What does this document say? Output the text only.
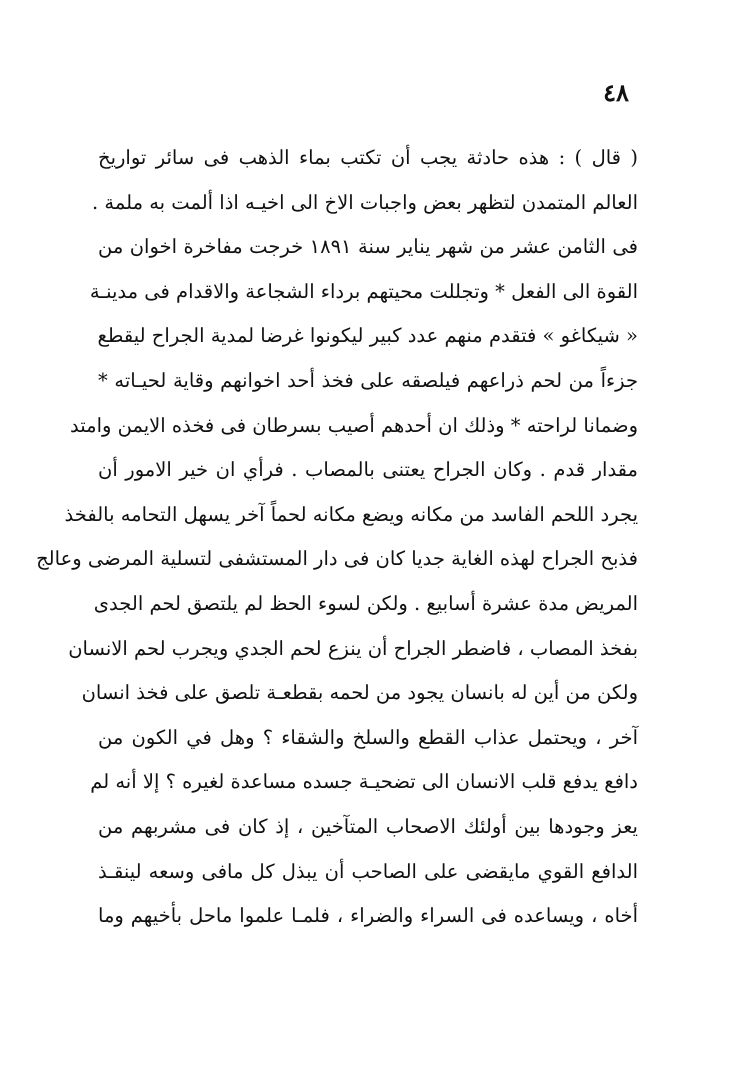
٤٨
( قال ) : هذه حادثة يجب أن تكتب بماء الذهب فى سائر تواريخ
العالم المتمدن لتظهر بعض واجبات الاخ الى اخيـه اذا ألمت به ملمة .
فى الثامن عشر من شهر يناير سنة ١٨٩١ خرجت مفاخرة اخوان من
القوة الى الفعل * وتجللت محيتهم برداء الشجاعة والاقدام فى مدينـة
« شيكاغو » فتقدم منهم عدد كبير ليكونوا غرضا لمدية الجراح ليقطع
جزءاً من لحم ذراعهم فيلصقه على فخذ أحد اخوانهم وقاية لحيـاته *
وضمانا لراحته * وذلك ان أحدهم أصيب بسرطان فى فخذه الايمن وامتد
مقدار قدم . وكان الجراح يعتنى بالمصاب . فرأي ان خير الامور أن
يجرد اللحم الفاسد من مكانه ويضع مكانه لحماً آخر يسهل التحامه بالفخذ
فذبح الجراح لهذه الغاية جديا كان فى دار المستشفى لتسلية المرضى وعالج
المريض مدة عشرة أسابيع . ولكن لسوء الحظ لم يلتصق لحم الجدى
بفخذ المصاب ، فاضطر الجراح أن ينزع لحم الجدي ويجرب لحم الانسان
ولكن من أين له بانسان يجود من لحمه بقطعـة تلصق على فخذ انسان
آخر ، ويحتمل عذاب القطع والسلخ والشقاء ؟ وهل في الكون من
دافع يدفع قلب الانسان الى تضحيـة جسده مساعدة لغيره ؟ إلا أنه لم
يعز وجودها بين أولئك الاصحاب المتآخين ، إذ كان فى مشربهم من
الدافع القوي مايقضى على الصاحب أن يبذل كل مافى وسعه لينقـذ
أخاه ، ويساعده فى السراء والضراء ، فلمـا علموا ماحل بأخيهم وما
